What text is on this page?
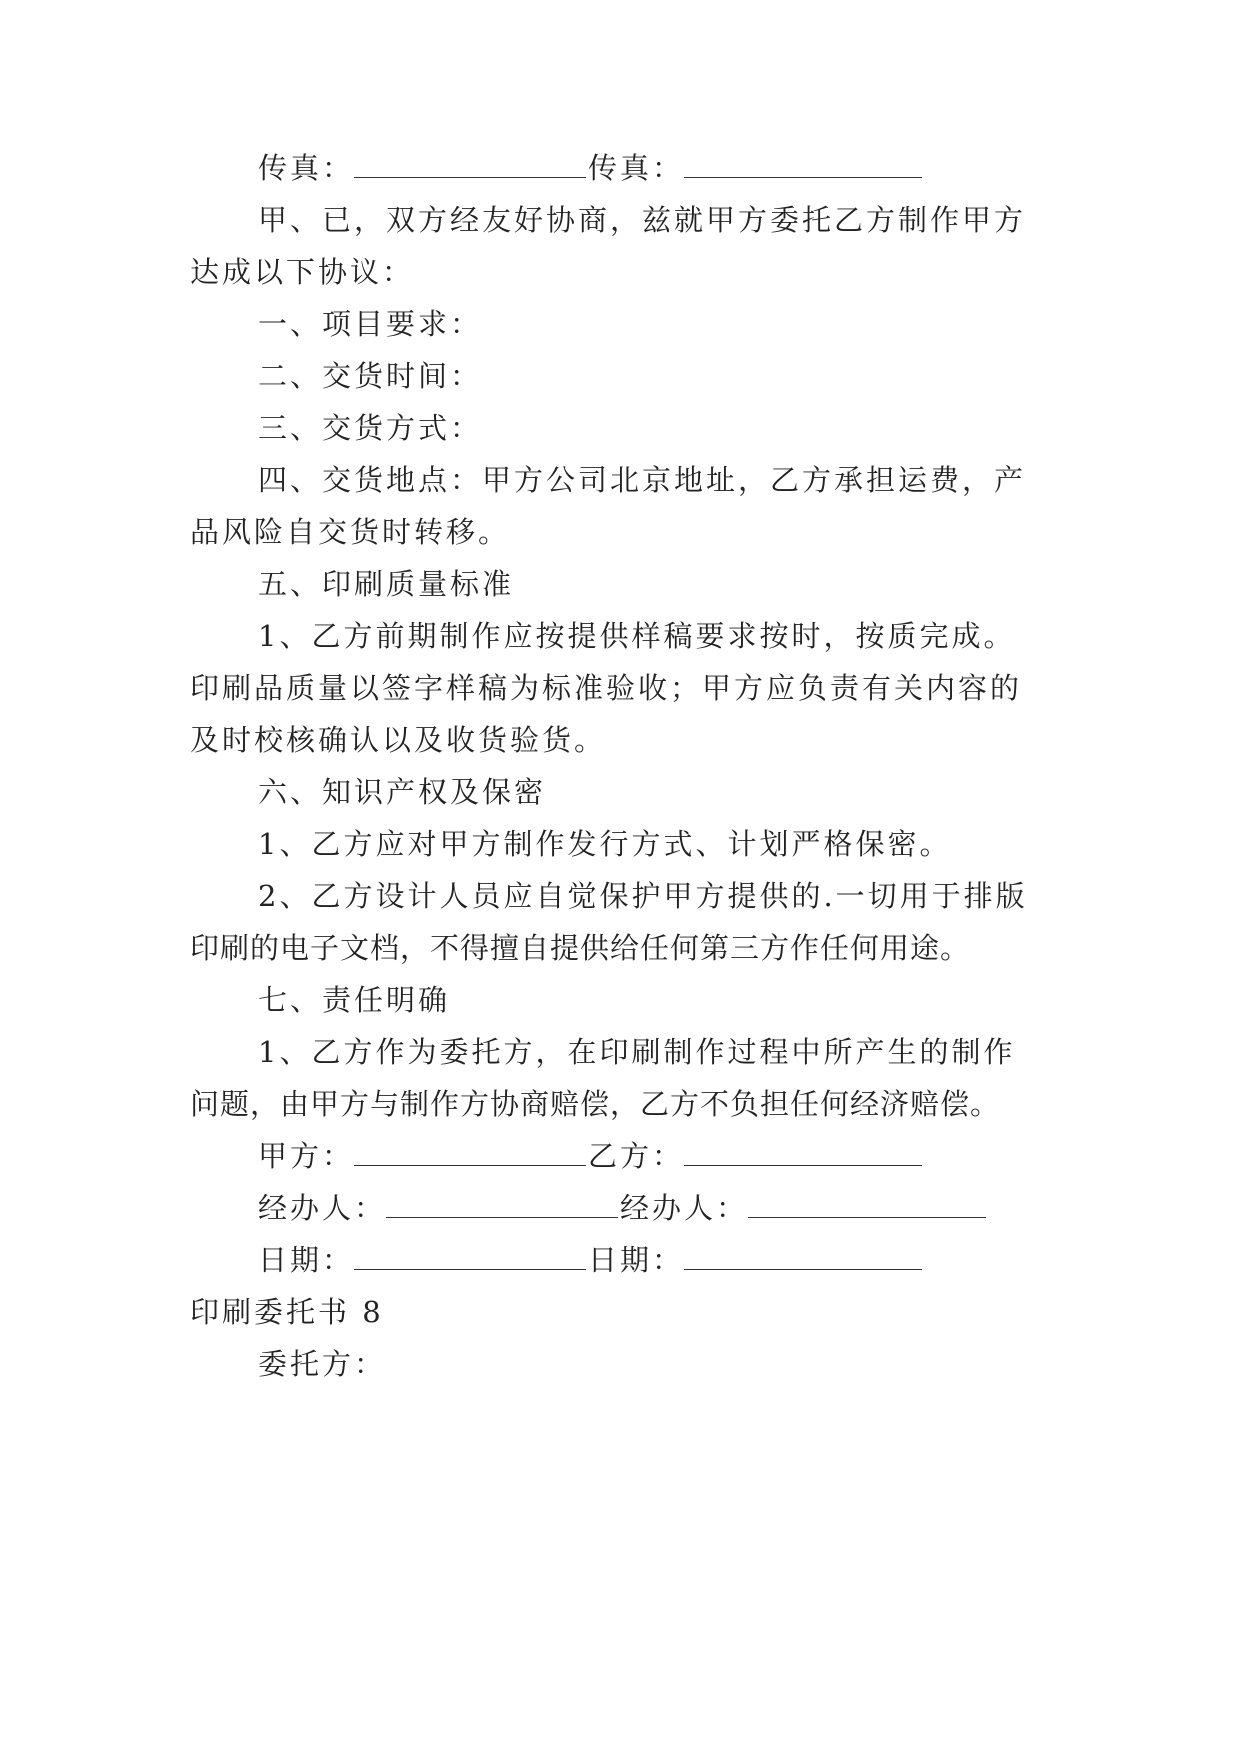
传真：	传真：
甲、已，双方经友好协商，兹就甲方委托乙方制作甲方
达成以下协议：
一、项目要求：
二、交货时间：
三、交货方式：
四、交货地点：甲方公司北京地址，乙方承担运费，产
品风险自交货时转移。
五、印刷质量标准
1、乙方前期制作应按提供样稿要求按时，按质完成。
印刷品质量以签字样稿为标准验收；甲方应负责有关内容的
及时校核确认以及收货验货。
六、知识产权及保密
1、乙方应对甲方制作发行方式、计划严格保密。
2、乙方设计人员应自觉保护甲方提供的.一切用于排版
印刷的电子文档，不得擅自提供给任何第三方作任何用途。
七、责任明确
1、乙方作为委托方，在印刷制作过程中所产生的制作
问题，由甲方与制作方协商赔偿，乙方不负担任何经济赔偿。
甲方：	乙方：
经办人：	经办人：
日期：	日期：
印刷委托书 8
委托方：
